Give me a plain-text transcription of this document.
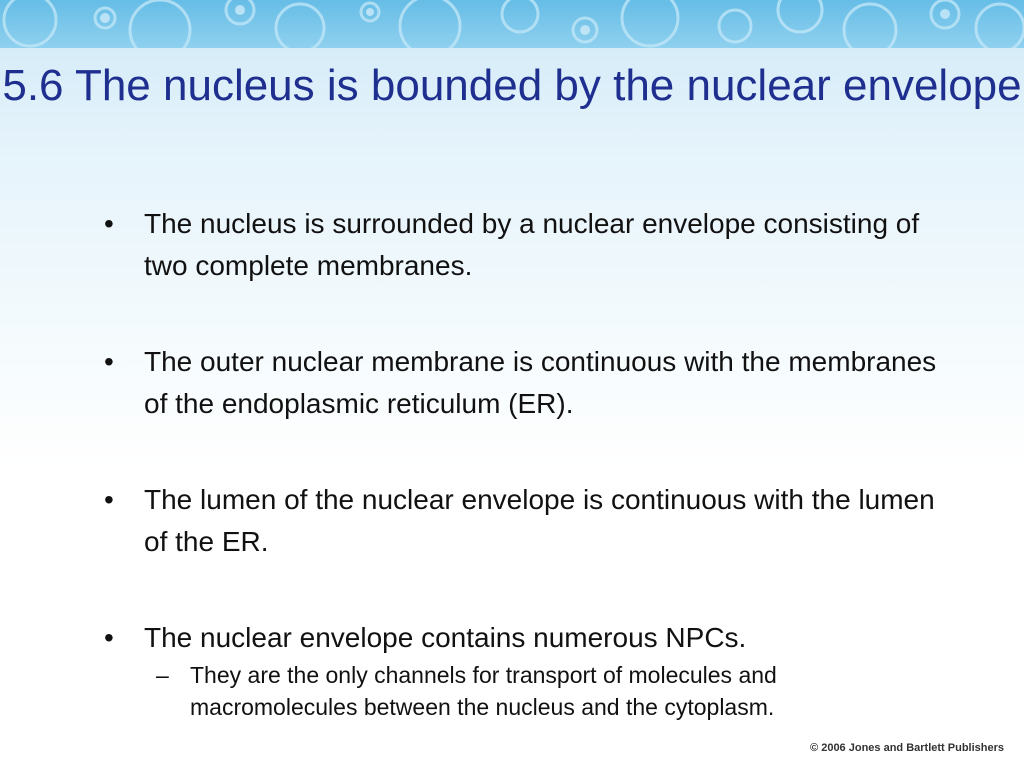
5.6 The nucleus is bounded by the nuclear envelope
• The nucleus is surrounded by a nuclear envelope consisting of two complete membranes.
• The outer nuclear membrane is continuous with the membranes of the endoplasmic reticulum (ER).
• The lumen of the nuclear envelope is continuous with the lumen of the ER.
• The nuclear envelope contains numerous NPCs.
– They are the only channels for transport of molecules and macromolecules between the nucleus and the cytoplasm.
© 2006 Jones and Bartlett Publishers
